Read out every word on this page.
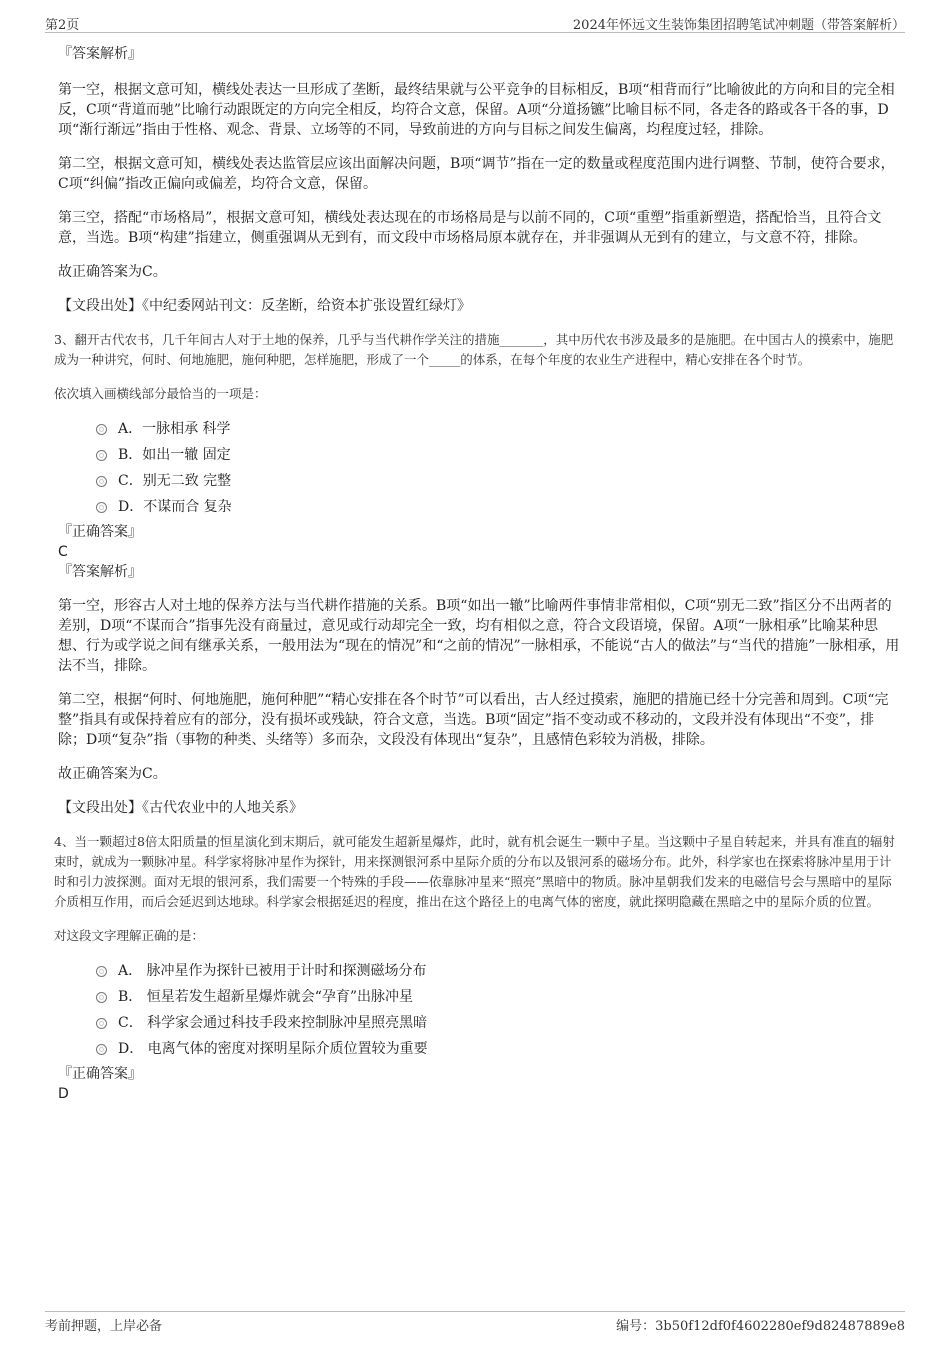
第2页	2024年怀远文生装饰集团招聘笔试冲刺题（带答案解析）

『答案解析』

第一空，根据文意可知，横线处表达一旦形成了垄断，最终结果就与公平竞争的目标相反，B项“相背而行”比喻彼此的方向和目的完全相反，C项“背道而驰”比喻行动跟既定的方向完全相反，均符合文意，保留。A项“分道扬镳”比喻目标不同，各走各的路或各干各的事，D项“渐行渐远”指由于性格、观念、背景、立场等的不同，导致前进的方向与目标之间发生偏离，均程度过轻，排除。

第二空，根据文意可知，横线处表达监管层应该出面解决问题，B项“调节”指在一定的数量或程度范围内进行调整、节制，使符合要求，C项“纠偏”指改正偏向或偏差，均符合文意，保留。

第三空，搭配“市场格局”，根据文意可知，横线处表达现在的市场格局是与以前不同的，C项“重塑”指重新塑造，搭配恰当，且符合文意，当选。B项“构建”指建立，侧重强调从无到有，而文段中市场格局原本就存在，并非强调从无到有的建立，与文意不符，排除。

故正确答案为C。

【文段出处】《中纪委网站刊文：反垄断，给资本扩张设置红绿灯》

3、翻开古代农书，几千年间古人对于土地的保养，几乎与当代耕作学关注的措施_______，其中历代农书涉及最多的是施肥。在中国古人的摸索中，施肥成为一种讲究，何时、何地施肥，施何种肥，怎样施肥，形成了一个_____的体系，在每个年度的农业生产进程中，精心安排在各个时节。

依次填入画横线部分最恰当的一项是：

A．一脉相承 科学
B．如出一辙 固定
C．别无二致 完整
D．不谋而合 复杂

『正确答案』

C

『答案解析』

第一空，形容古人对土地的保养方法与当代耕作措施的关系。B项“如出一辙”比喻两件事情非常相似，C项“别无二致”指区分不出两者的差别，D项“不谋而合”指事先没有商量过，意见或行动却完全一致，均有相似之意，符合文段语境，保留。A项“一脉相承”比喻某种思想、行为或学说之间有继承关系，一般用法为“现在的情况”和“之前的情况”一脉相承，不能说“古人的做法”与“当代的措施”一脉相承，用法不当，排除。

第二空，根据“何时、何地施肥，施何种肥”“精心安排在各个时节”可以看出，古人经过摸索，施肥的措施已经十分完善和周到。C项“完整”指具有或保持着应有的部分，没有损坏或残缺，符合文意，当选。B项“固定”指不变动或不移动的，文段并没有体现出“不变”，排除；D项“复杂”指（事物的种类、头绪等）多而杂，文段没有体现出“复杂”，且感情色彩较为消极，排除。

故正确答案为C。

【文段出处】《古代农业中的人地关系》

4、当一颗超过8倍太阳质量的恒星演化到末期后，就可能发生超新星爆炸，此时，就有机会诞生一颗中子星。当这颗中子星自转起来，并具有准直的辐射束时，就成为一颗脉冲星。科学家将脉冲星作为探针，用来探测银河系中星际介质的分布以及银河系的磁场分布。此外，科学家也在探索将脉冲星用于计时和引力波探测。面对无垠的银河系，我们需要一个特殊的手段——依靠脉冲星来“照亮”黑暗中的物质。脉冲星朝我们发来的电磁信号会与黑暗中的星际介质相互作用，而后会延迟到达地球。科学家会根据延迟的程度，推出在这个路径上的电离气体的密度，就此探明隐藏在黑暗之中的星际介质的位置。

对这段文字理解正确的是：

A． 脉冲星作为探针已被用于计时和探测磁场分布
B． 恒星若发生超新星爆炸就会“孕育”出脉冲星
C． 科学家会通过科技手段来控制脉冲星照亮黑暗
D． 电离气体的密度对探明星际介质位置较为重要

『正确答案』

D

考前押题，上岸必备	编号：3b50f12df0f4602280ef9d82487889e8
